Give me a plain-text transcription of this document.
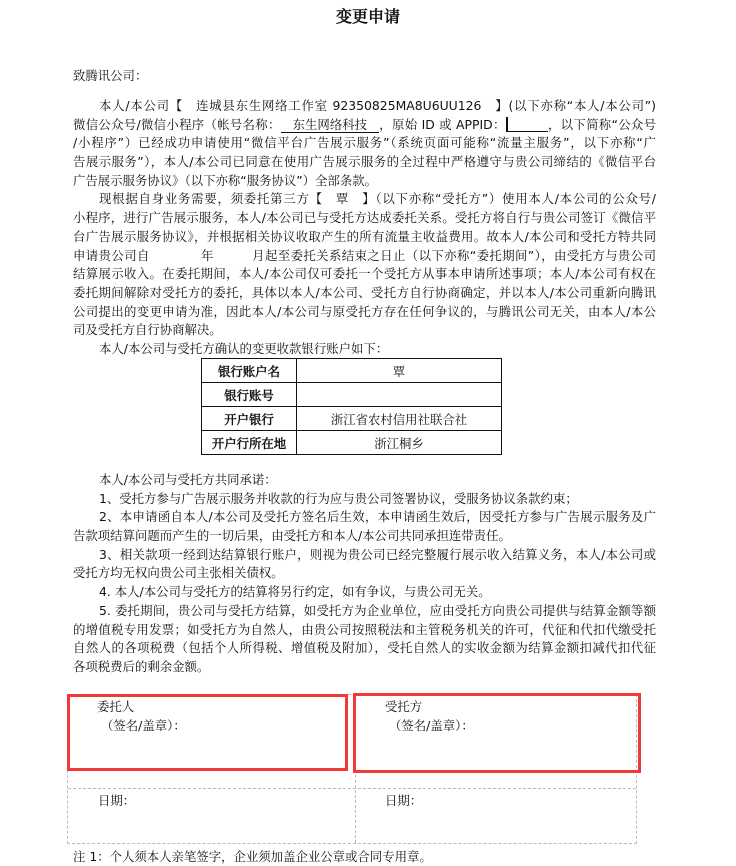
变更申请
致腾讯公司：
本人/本公司【　连城县东生网络工作室 92350825MA8U6UU126　】(以下亦称“本人/本公司”)
微信公众号/微信小程序（帐号名称： 东生网络科技 ，原始 ID 或 APPID：	，以下简称“公众号
/小程序”）已经成功申请使用“微信平台广告展示服务”（系统页面可能称“流量主服务”，以下亦称“广
告展示服务”），本人/本公司已同意在使用广告展示服务的全过程中严格遵守与贵公司缔结的《微信平台
广告展示服务协议》（以下亦称“服务协议”）全部条款。
现根据自身业务需要，须委托第三方【　覃　】（以下亦称“受托方”）使用本人/本公司的公众号/
小程序，进行广告展示服务，本人/本公司已与受托方达成委托关系。受托方将自行与贵公司签订《微信平
台广告展示服务协议》，并根据相关协议收取产生的所有流量主收益费用。故本人/本公司和受托方特共同
申请贵公司自　　　　年　　　月起至委托关系结束之日止（以下亦称“委托期间”），由受托方与贵公司
结算展示收入。在委托期间，本人/本公司仅可委托一个受托方从事本申请所述事项；本人/本公司有权在
委托期间解除对受托方的委托，具体以本人/本公司、受托方自行协商确定，并以本人/本公司重新向腾讯
公司提出的变更申请为准，因此本人/本公司与原受托方存在任何争议的，与腾讯公司无关，由本人/本公
司及受托方自行协商解决。
本人/本公司与受托方确认的变更收款银行账户如下：
银行账户名	覃
银行账号	
开户银行	浙江省农村信用社联合社
开户行所在地	浙江桐乡
本人/本公司与受托方共同承诺：
1、受托方参与广告展示服务并收款的行为应与贵公司签署协议，受服务协议条款约束；
2、本申请函自本人/本公司及受托方签名后生效，本申请函生效后，因受托方参与广告展示服务及广
告款项结算问题而产生的一切后果，由受托方和本人/本公司共同承担连带责任。
3、相关款项一经到达结算银行账户，则视为贵公司已经完整履行展示收入结算义务，本人/本公司或
受托方均无权向贵公司主张相关债权。
4. 本人/本公司与受托方的结算将另行约定，如有争议，与贵公司无关。
5. 委托期间，贵公司与受托方结算，如受托方为企业单位，应由受托方向贵公司提供与结算金额等额
的增值税专用发票；如受托方为自然人，由贵公司按照税法和主管税务机关的许可，代征和代扣代缴受托
自然人的各项税费（包括个人所得税、增值税及附加），受托自然人的实收金额为结算金额扣减代扣代征
各项税费后的剩余金额。
委托人
（签名/盖章）：
受托方
（签名/盖章）：
日期：	日期：
注 1：个人须本人亲笔签字，企业须加盖企业公章或合同专用章。
